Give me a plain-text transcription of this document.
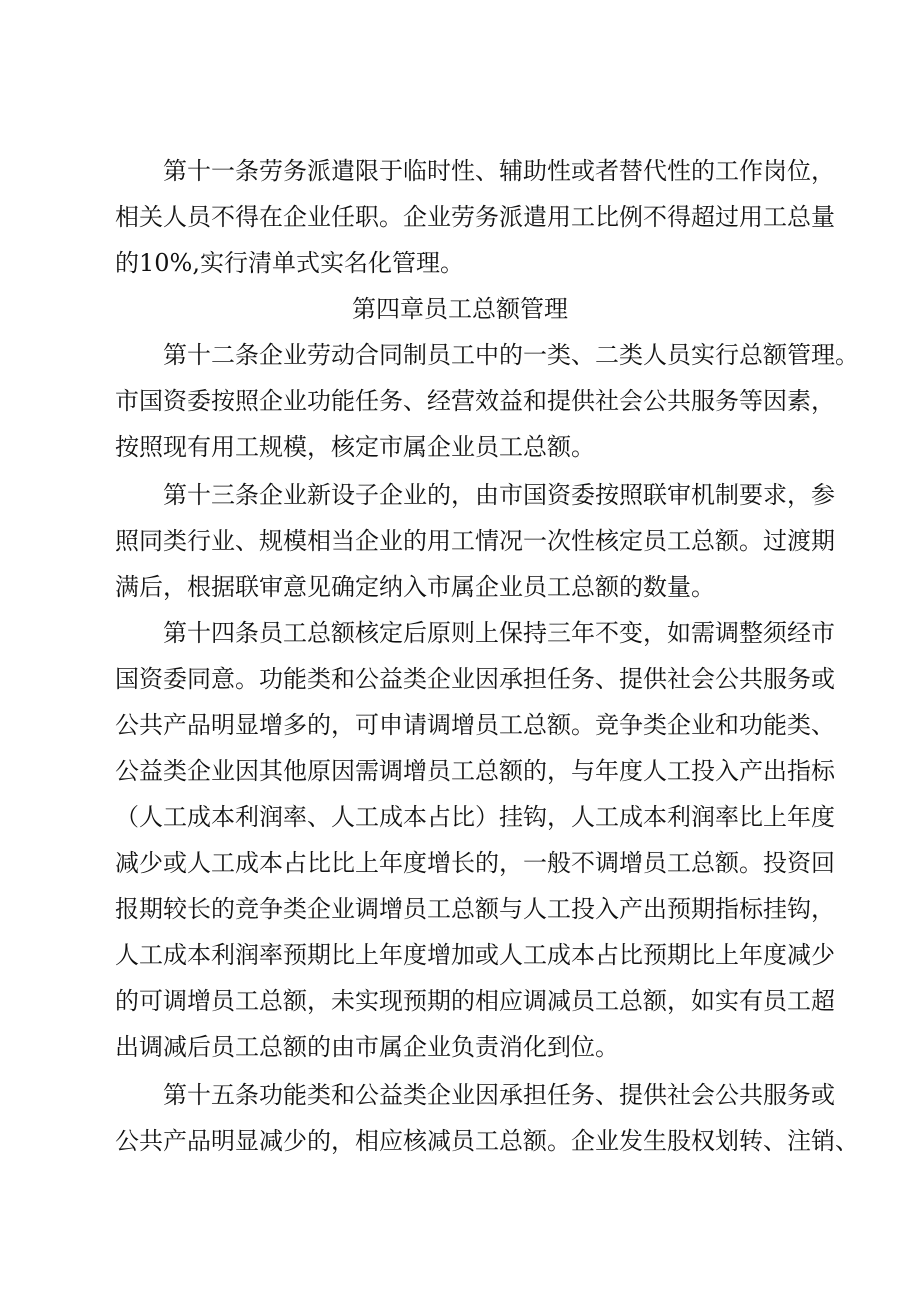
第十一条劳务派遣限于临时性、辅助性或者替代性的工作岗位，
相关人员不得在企业任职。企业劳务派遣用工比例不得超过用工总量
的10%,实行清单式实名化管理。
第四章员工总额管理
第十二条企业劳动合同制员工中的一类、二类人员实行总额管理。
市国资委按照企业功能任务、经营效益和提供社会公共服务等因素，
按照现有用工规模，核定市属企业员工总额。
第十三条企业新设子企业的，由市国资委按照联审机制要求，参
照同类行业、规模相当企业的用工情况一次性核定员工总额。过渡期
满后，根据联审意见确定纳入市属企业员工总额的数量。
第十四条员工总额核定后原则上保持三年不变，如需调整须经市
国资委同意。功能类和公益类企业因承担任务、提供社会公共服务或
公共产品明显增多的，可申请调增员工总额。竞争类企业和功能类、
公益类企业因其他原因需调增员工总额的，与年度人工投入产出指标
（人工成本利润率、人工成本占比）挂钩，人工成本利润率比上年度
减少或人工成本占比比上年度增长的，一般不调增员工总额。投资回
报期较长的竞争类企业调增员工总额与人工投入产出预期指标挂钩，
人工成本利润率预期比上年度增加或人工成本占比预期比上年度减少
的可调增员工总额，未实现预期的相应调减员工总额，如实有员工超
出调减后员工总额的由市属企业负责消化到位。
第十五条功能类和公益类企业因承担任务、提供社会公共服务或
公共产品明显减少的，相应核减员工总额。企业发生股权划转、注销、
